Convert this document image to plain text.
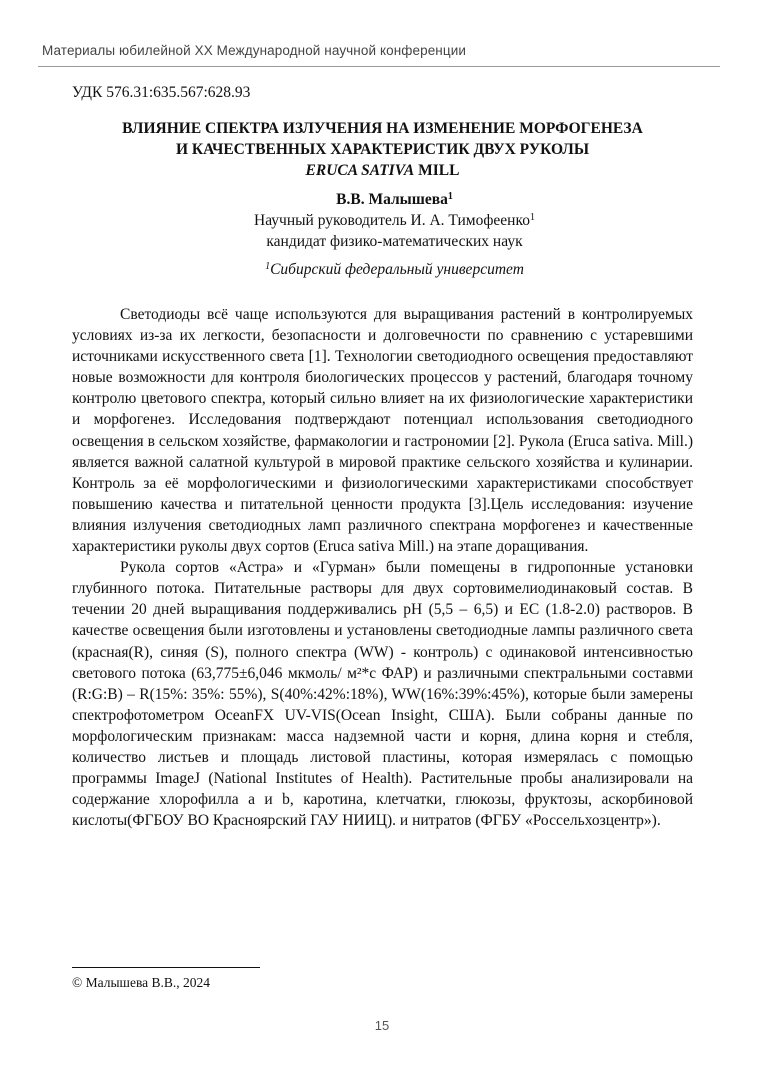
Материалы юбилейной XX Международной научной конференции
УДК 576.31:635.567:628.93
ВЛИЯНИЕ СПЕКТРА ИЗЛУЧЕНИЯ НА ИЗМЕНЕНИЕ МОРФОГЕНЕЗА
И КАЧЕСТВЕННЫХ ХАРАКТЕРИСТИК ДВУХ РУКОЛЫ
ERUCA SATIVA MILL
В.В. Малышева$^1$
Научный руководитель И. А. Тимофеенко$^1$
кандидат физико-математических наук
$^1$Сибирский федеральный университет

Светодиоды всё чаще используются для выращивания растений в контролируемых условиях из-за их легкости, безопасности и долговечности по сравнению с устаревшими источниками искусственного света [1]. Технологии светодиодного освещения предоставляют новые возможности для контроля биологических процессов у растений, благодаря точному контролю цветового спектра, который сильно влияет на их физиологические характеристики и морфогенез. Исследования подтверждают потенциал использования светодиодного освещения в сельском хозяйстве, фармакологии и гастрономии [2]. Рукола (Eruca sativa. Mill.) является важной салатной культурой в мировой практике сельского хозяйства и кулинарии. Контроль за её морфологическими и физиологическими характеристиками способствует повышению качества и питательной ценности продукта [3].Цель исследования: изучение влияния излучения светодиодных ламп различного спектрана морфогенез и качественные характеристики руколы двух сортов (Eruca sativa Mill.) на этапе доращивания.

Рукола сортов «Астра» и «Гурман» были помещены в гидропонные установки глубинного потока. Питательные растворы для двух сортовимелиодинаковый состав. В течении 20 дней выращивания поддерживались pH (5,5 – 6,5) и EC (1.8-2.0) растворов. В качестве освещения были изготовлены и установлены светодиодные лампы различного света (красная(R), синяя (S), полного спектра (WW) - контроль) с одинаковой интенсивностью светового потока (63,775±6,046 мкмоль/ м²*с ФАР) и различными спектральными составми (R:G:B) – R(15%: 35%: 55%), S(40%:42%:18%), WW(16%:39%:45%), которые были замерены спектрофотометром OceanFX UV-VIS(Ocean Insight, США). Были собраны данные по морфологическим признакам: масса надземной части и корня, длина корня и стебля, количество листьев и площадь листовой пластины, которая измерялась с помощью программы ImageJ (National Institutes of Health). Растительные пробы анализировали на содержание хлорофилла a и b, каротина, клетчатки, глюкозы, фруктозы, аскорбиновой кислоты(ФГБОУ ВО Красноярский ГАУ НИИЦ). и нитратов (ФГБУ «Россельхозцентр»).

© Малышева В.В., 2024
15
